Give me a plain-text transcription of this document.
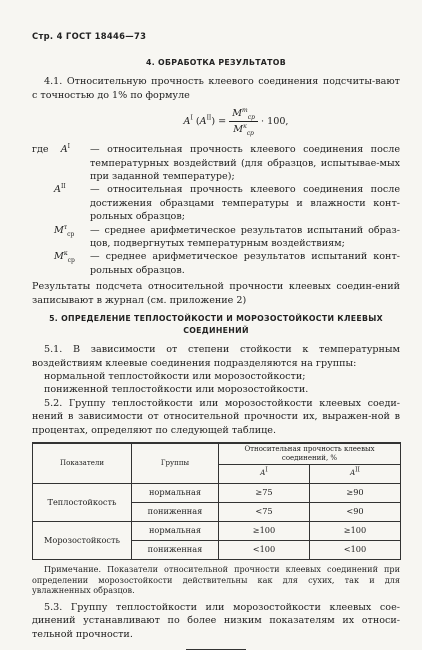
Стр. 4 ГОСТ 18446—73
4. ОБРАБОТКА РЕЗУЛЬТАТОВ

4.1. Относительную прочность клеевого соединения подсчиты-вают с точностью до 1% по формуле

$A^I$ $(A^{II}) = \frac{M^т_{ср}}{M^к_{ср}} \cdot 100$,
где $A^I$	— относительная прочность клеевого соединения после температурных воздействий (для образцов, испытывае-мых при заданной температуре);
$A^{II}$	— относительная прочность клеевого соединения после достижения образцами температуры и влажности конт-рольных образцов;
$M^т_{ср}$	— среднее арифметическое результатов испытаний образ-цов, подвергнутых температурным воздействиям;
$M^к_{ср}$	— среднее арифметическое результатов испытаний конт-рольных образцов.

Результаты подсчета относительной прочности клеевых соедин-ений записывают в журнал (см. приложение 2)

5. ОПРЕДЕЛЕНИЕ ТЕПЛОСТОЙКОСТИ И МОРОЗОСТОЙКОСТИ КЛЕЕВЫХ
СОЕДИНЕНИЙ

5.1. В зависимости от степени стойкости к температурным воздействиям клеевые соединения подразделяются на группы:

нормальной теплостойкости или морозостойкости;

пониженной теплостойкости или морозостойкости.

5.2. Группу теплостойкости или морозостойкости клеевых соеди-нений в зависимости от относительной прочности их, выражен-ной в процентах, определяют по следующей таблице.

Показатели	Группы	Относительная прочность клеевых соединений, %	
		$A^I$	$A^{II}$
Теплостойкость	нормальная	≥75	≥90
	пониженная	<75	<90
Морозостойкость	нормальная	≥100	≥100
	пониженная	<100	<100

Примечание. Показатели относительной прочности клеевых соединений при определении морозостойкости действительны как для сухих, так и для увлажненных образцов.

5.3. Группу теплостойкости или морозостойкости клеевых сое-динений устанавливают по более низким показателям их относи-тельной прочности.
